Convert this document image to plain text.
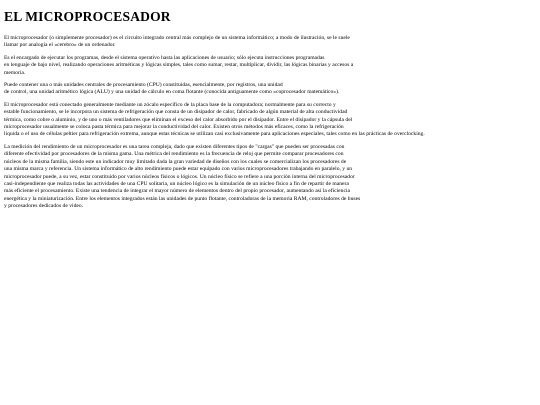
EL MICROPROCESADOR

El microprocesador (o simplemente procesador) es el circuito integrado central más complejo de un sistema informático; a modo de ilustración, se le suele
llamar por analogía el «cerebro» de un ordenador.

Es el encargado de ejecutar los programas, desde el sistema operativo hasta las aplicaciones de usuario; sólo ejecuta instrucciones programadas
en lenguaje de bajo nivel, realizando operaciones aritméticas y lógicas simples, tales como sumar, restar, multiplicar, dividir, las lógicas binarias y accesos a
memoria.

Puede contener una o más unidades centrales de procesamiento (CPU) constituidas, esencialmente, por registros, una unidad
de control, una unidad aritmético lógica (ALU) y una unidad de cálculo en coma flotante (conocida antiguamente como «coprocesador matemático»).

El microprocesador está conectado generalmente mediante un zócalo específico de la placa base de la computadora; normalmente para su correcto y
estable funcionamiento, se le incorpora un sistema de refrigeración que consta de un disipador de calor, fabricado de algún material de alta conductividad
térmica, como cobre o aluminio, y de uno o más ventiladores que eliminan el exceso del calor absorbido por el disipador. Entre el disipador y la cápsula del
microprocesador usualmente se coloca pasta térmica para mejorar la conductividad del calor. Existen otros métodos más eficaces, como la refrigeración
líquida o el uso de células peltier para refrigeración extrema, aunque estas técnicas se utilizan casi exclusivamente para aplicaciones especiales, tales como en las prácticas de overclocking.

La medición del rendimiento de un microprocesador es una tarea compleja, dado que existen diferentes tipos de "cargas" que pueden ser procesadas con
diferente efectividad por procesadores de la misma gama. Una métrica del rendimiento es la frecuencia de reloj que permite comparar procesadores con
núcleos de la misma familia, siendo este un indicador muy limitado dada la gran variedad de diseños con los cuales se comercializan los procesadores de
una misma marca y referencia. Un sistema informático de alto rendimiento puede estar equipado con varios microprocesadores trabajando en paralelo, y un
microprocesador puede, a su vez, estar constituido por varios núcleos físicos o lógicos. Un núcleo físico se refiere a una porción interna del microprocesador
casi-independiente que realiza todas las actividades de una CPU solitaria, un núcleo lógico es la simulación de un núcleo físico a fin de repartir de manera
más eficiente el procesamiento. Existe una tendencia de integrar el mayor número de elementos dentro del propio procesador, aumentando así la eficiencia
energética y la miniaturización. Entre los elementos integrados están las unidades de punto flotante, controladoras de la memoria RAM, controladores de buses
y procesadores dedicados de video.
